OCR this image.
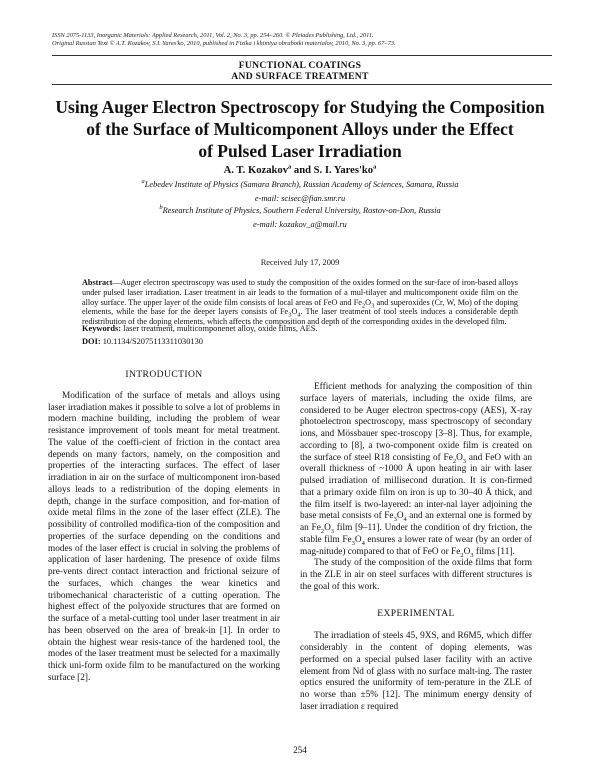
ISSN 2075-1133, Inorganic Materials: Applied Research, 2011, Vol. 2, No. 3, pp. 254–260. © Pleiades Publishing, Ltd., 2011.
Original Russian Text © A.T. Kozakov, S.I. Yares'ko, 2010, published in Fizika i khimiya obrabotki materialov, 2010, No. 3, pp. 67–73.
FUNCTIONAL COATINGS
AND SURFACE TREATMENT
Using Auger Electron Spectroscopy for Studying the Composition
of the Surface of Multicomponent Alloys under the Effect
of Pulsed Laser Irradiation
A. T. Kozakov$^a$ and S. I. $Yares'ko^a$
$^a$Lebedev Institute of Physics (Samara Branch), Russian Academy of Sciences, Samara, Russia
e-mail: scisec@fian.smr.ru
$^b$Research Institute of Physics, Southern Federal University, Rostov-on-Don, Russia
e-mail: kozakov_a@mail.ru
Received July 17, 2009
Abstract—Auger electron spectroscopy was used to study the composition of the oxides formed on the sur-face of iron-based alloys under pulsed laser irradiation. Laser treatment in air leads to the formation of a mul-tilayer and multicomponent oxide film on the alloy surface. The upper layer of the oxide film consists of local areas of FeO and $Fe_2O_3$ and superoxides (Cr, W, Mo) of the doping elements, while the base for the deeper layers consists of $Fe_3O_4$. The laser treatment of tool steels induces a considerable depth redistribution of the doping elements, which affects the composition and depth of the corresponding oxides in the developed film.
Keywords: laser treatment, multicomponenet alloy, oxide films, AES.
DOI: 10.1134/S2075113311030130

INTRODUCTION

Modification of the surface of metals and alloys using laser irradiation makes it possible to solve a lot of problems in modern machine building, including the problem of wear resistance improvement of tools meant for metal treatment. The value of the coeffi-cient of friction in the contact area depends on many factors, namely, on the composition and properties of the interacting surfaces. The effect of laser irradiation in air on the surface of multicomponent iron-based alloys leads to a redistribution of the doping elements in depth, change in the surface composition, and for-mation of oxide metal films in the zone of the laser effect (ZLE). The possibility of controlled modifica-tion of the composition and properties of the surface depending on the conditions and modes of the laser effect is crucial in solving the problems of application of laser hardening. The presence of oxide films pre-vents direct contact interaction and frictional seizure of the surfaces, which changes the wear kinetics and tribomechanical characteristic of a cutting operation. The highest effect of the polyoxide structures that are formed on the surface of a metal-cutting tool under laser treatment in air has been observed on the area of break-in [1]. In order to obtain the highest wear resis-tance of the hardened tool, the modes of the laser treatment must be selected for a maximally thick uni-form oxide film to be manufactured on the working surface [2].

Efficient methods for analyzing the composition of thin surface layers of materials, including the oxide films, are considered to be Auger electron spectros-copy (AES), X-ray photoelectron spectroscopy, mass spectroscopy of secondary ions, and Mössbauer spec-troscopy [3–8]. Thus, for example, according to [8], a two-component oxide film is created on the surface of steel R18 consisting of $Fe_2O_3$ and FeO with an overall thickness of ~1000 Å upon heating in air with laser pulsed irradiation of millisecond duration. It is con-firmed that a primary oxide film on iron is up to 30–40 Å thick, and the film itself is two-layered: an inter-nal layer adjoining the base metal consists of $Fe_3O_4$ and an external one is formed by an $Fe_2O_3$ film [9–11]. Under the condition of dry friction, the stable film $Fe_3O_4$ ensures a lower rate of wear (by an order of mag-nitude) compared to that of FeO or $Fe_2O_3$ films [11].

The study of the composition of the oxide films that form in the ZLE in air on steel surfaces with different structures is the goal of this work.

EXPERIMENTAL

The irradiation of steels 45, 9XS, and R6M5, which differ considerably in the content of doping elements, was performed on a special pulsed laser facility with an active element from Nd of glass with no surface malt-ing. The raster optics ensured the uniformity of tem-perature in the ZLE of no worse than ±5% [12]. The minimum energy density of laser irradiation ε required

254
